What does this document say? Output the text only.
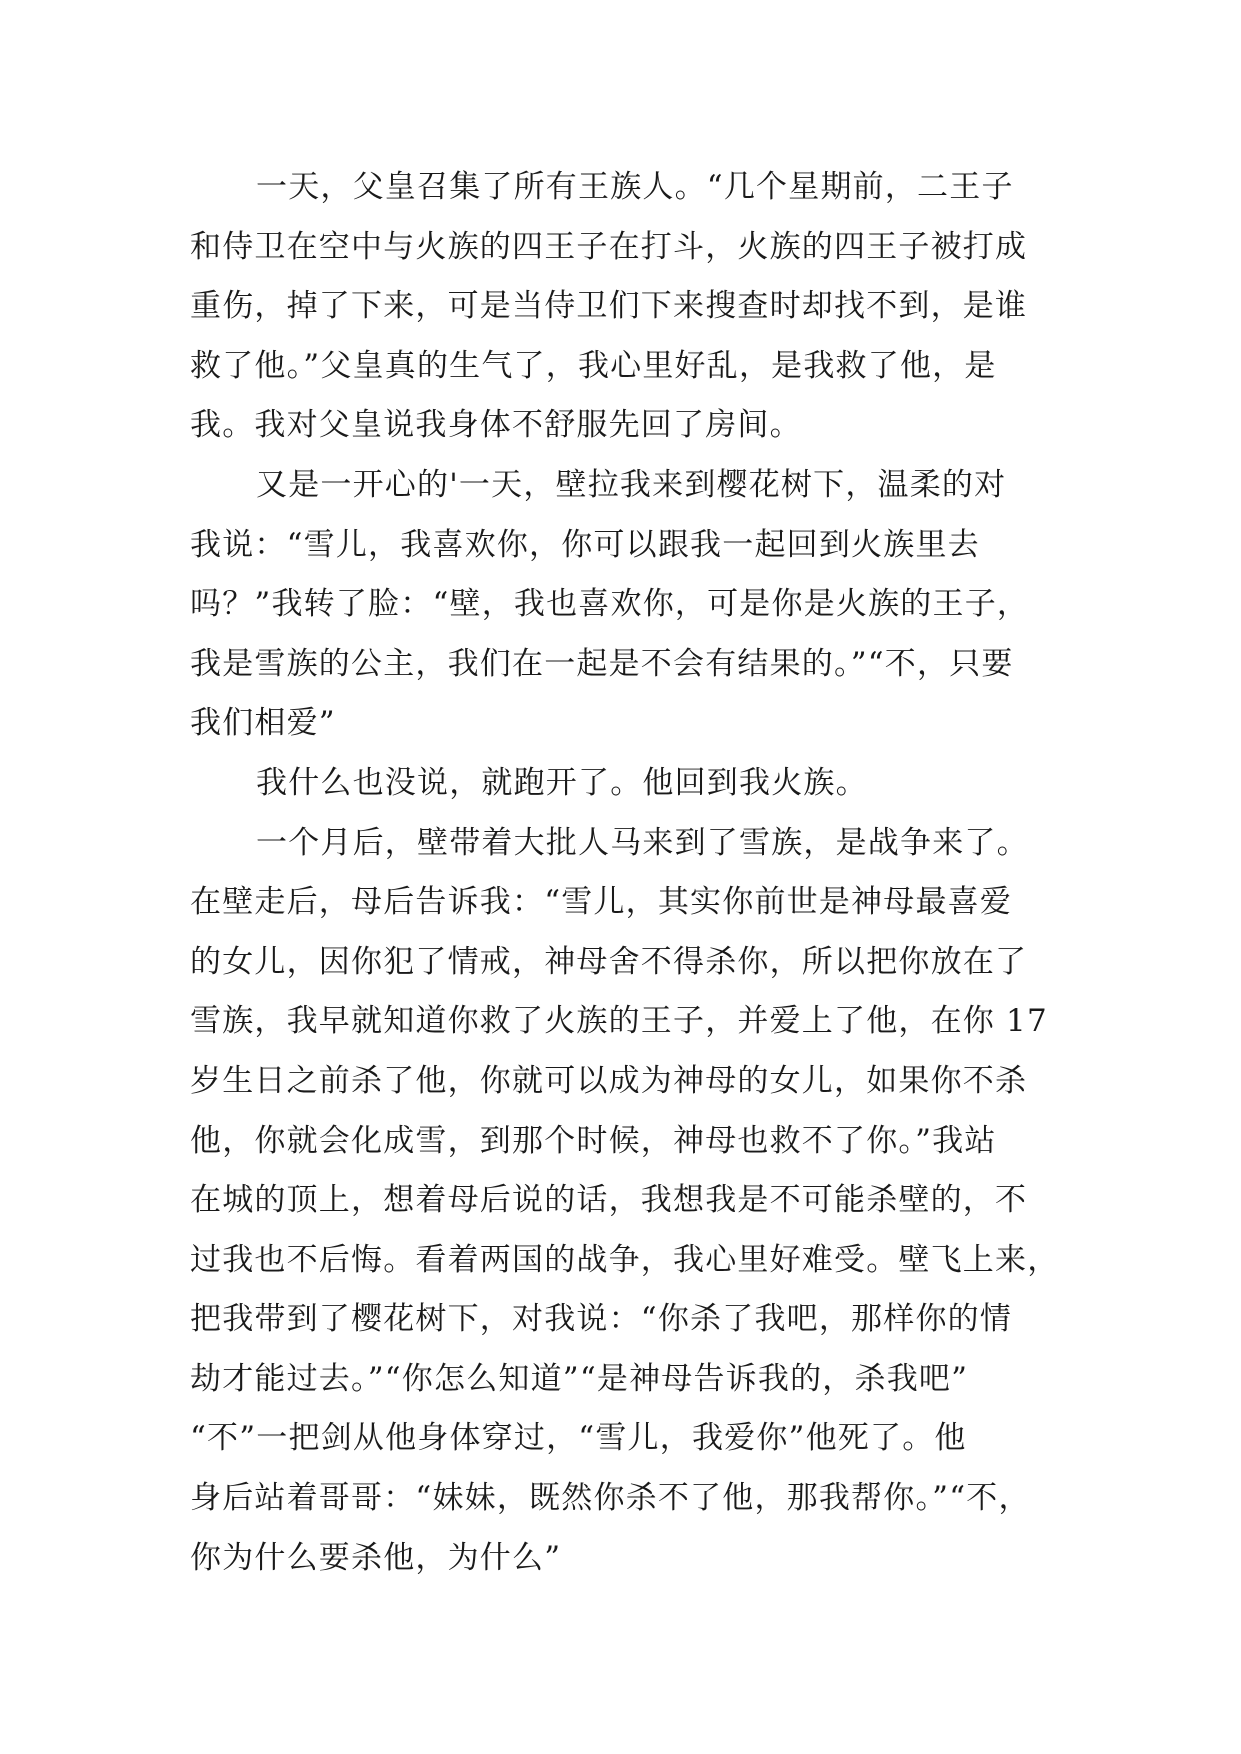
一天，父皇召集了所有王族人。“几个星期前，二王子
和侍卫在空中与火族的四王子在打斗，火族的四王子被打成
重伤，掉了下来，可是当侍卫们下来搜查时却找不到，是谁
救了他。”父皇真的生气了，我心里好乱，是我救了他，是
我。我对父皇说我身体不舒服先回了房间。
又是一开心的'一天，壁拉我来到樱花树下，温柔的对
我说：“雪儿，我喜欢你，你可以跟我一起回到火族里去
吗？”我转了脸：“壁，我也喜欢你，可是你是火族的王子，
我是雪族的公主，我们在一起是不会有结果的。”“不，只要
我们相爱”
我什么也没说，就跑开了。他回到我火族。
一个月后，壁带着大批人马来到了雪族，是战争来了。
在壁走后，母后告诉我：“雪儿，其实你前世是神母最喜爱
的女儿，因你犯了情戒，神母舍不得杀你，所以把你放在了
雪族，我早就知道你救了火族的王子，并爱上了他，在你 17
岁生日之前杀了他，你就可以成为神母的女儿，如果你不杀
他，你就会化成雪，到那个时候，神母也救不了你。”我站
在城的顶上，想着母后说的话，我想我是不可能杀壁的，不
过我也不后悔。看着两国的战争，我心里好难受。壁飞上来，
把我带到了樱花树下，对我说：“你杀了我吧，那样你的情
劫才能过去。”“你怎么知道”“是神母告诉我的，杀我吧”
“不”一把剑从他身体穿过，“雪儿，我爱你”他死了。他
身后站着哥哥：“妹妹，既然你杀不了他，那我帮你。”“不，
你为什么要杀他，为什么”
